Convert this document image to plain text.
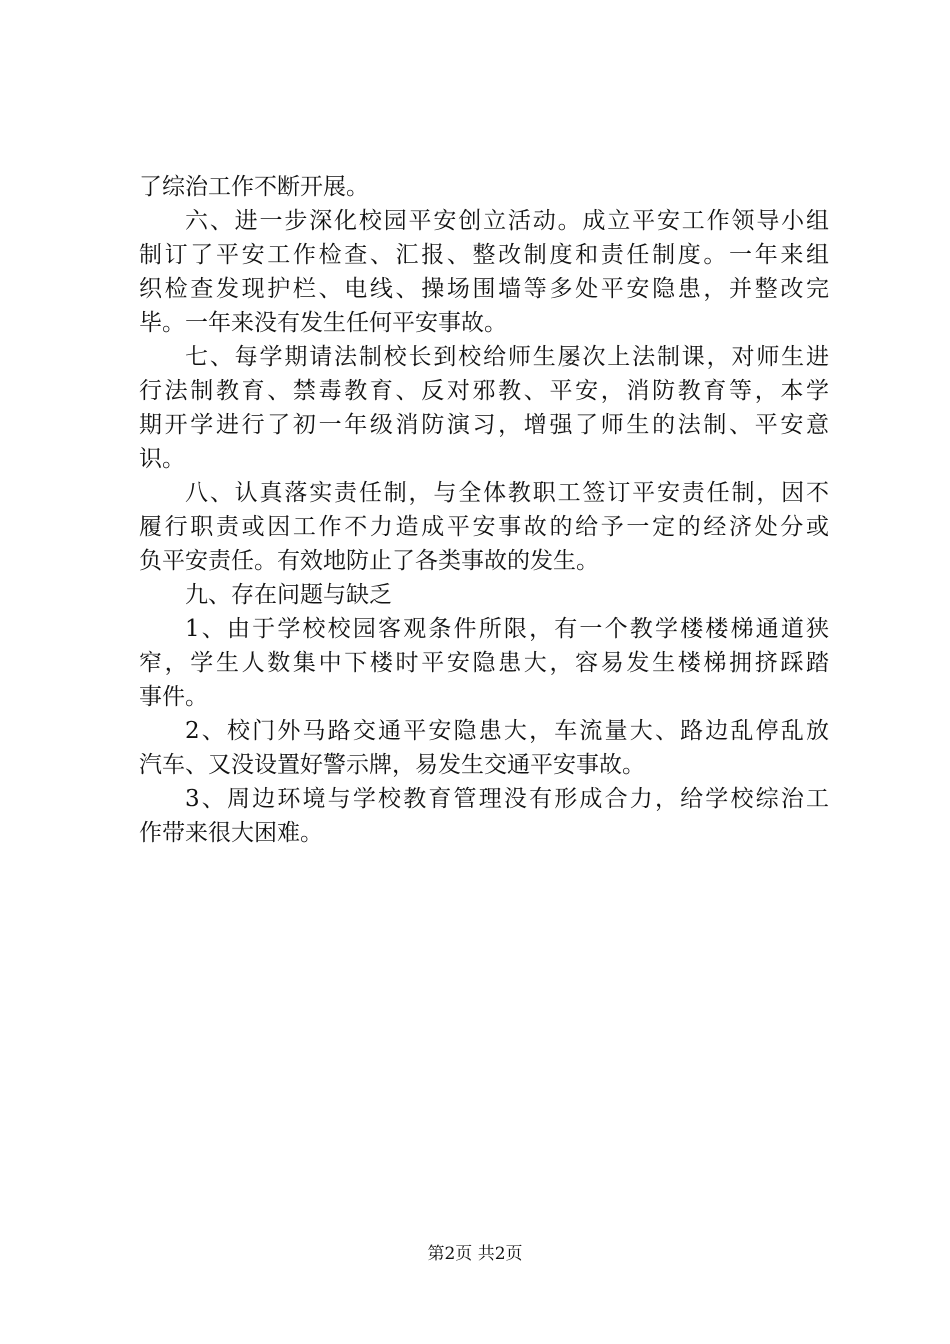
了综治工作不断开展。
六、进一步深化校园平安创立活动。成立平安工作领导小组
制订了平安工作检查、汇报、整改制度和责任制度。一年来组
织检查发现护栏、电线、操场围墙等多处平安隐患，并整改完
毕。一年来没有发生任何平安事故。
七、每学期请法制校长到校给师生屡次上法制课，对师生进
行法制教育、禁毒教育、反对邪教、平安，消防教育等，本学
期开学进行了初一年级消防演习，增强了师生的法制、平安意
识。
八、认真落实责任制，与全体教职工签订平安责任制，因不
履行职责或因工作不力造成平安事故的给予一定的经济处分或
负平安责任。有效地防止了各类事故的发生。
九、存在问题与缺乏
1、由于学校校园客观条件所限，有一个教学楼楼梯通道狭
窄，学生人数集中下楼时平安隐患大，容易发生楼梯拥挤踩踏
事件。
2、校门外马路交通平安隐患大，车流量大、路边乱停乱放
汽车、又没设置好警示牌，易发生交通平安事故。
3、周边环境与学校教育管理没有形成合力，给学校综治工
作带来很大困难。
第2页 共2页
